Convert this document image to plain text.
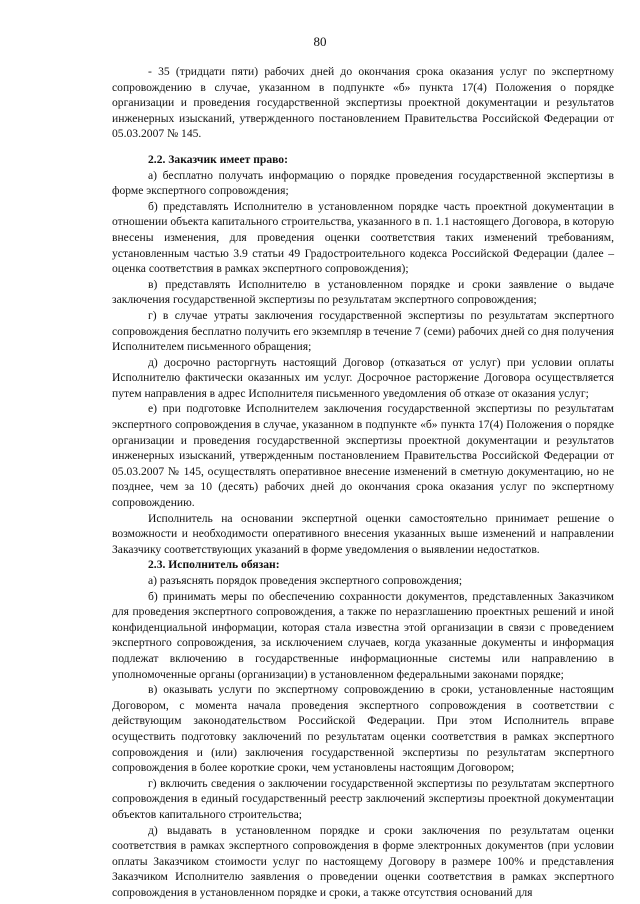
80

- 35 (тридцати пяти) рабочих дней до окончания срока оказания услуг по экспертному сопровождению в случае, указанном в подпункте «б» пункта 17(4) Положения о порядке организации и проведения государственной экспертизы проектной документации и результатов инженерных изысканий, утвержденного постановлением Правительства Российской Федерации от 05.03.2007 № 145.

2.2. Заказчик имеет право:

а) бесплатно получать информацию о порядке проведения государственной экспертизы в форме экспертного сопровождения;

б) представлять Исполнителю в установленном порядке часть проектной документации в отношении объекта капитального строительства, указанного в п. 1.1 настоящего Договора, в которую внесены изменения, для проведения оценки соответствия таких изменений требованиям, установленным частью 3.9 статьи 49 Градостроительного кодекса Российской Федерации (далее – оценка соответствия в рамках экспертного сопровождения);

в) представлять Исполнителю в установленном порядке и сроки заявление о выдаче заключения государственной экспертизы по результатам экспертного сопровождения;

г) в случае утраты заключения государственной экспертизы по результатам экспертного сопровождения бесплатно получить его экземпляр в течение 7 (семи) рабочих дней со дня получения Исполнителем письменного обращения;

д) досрочно расторгнуть настоящий Договор (отказаться от услуг) при условии оплаты Исполнителю фактически оказанных им услуг. Досрочное расторжение Договора осуществляется путем направления в адрес Исполнителя письменного уведомления об отказе от оказания услуг;

е) при подготовке Исполнителем заключения государственной экспертизы по результатам экспертного сопровождения в случае, указанном в подпункте «б» пункта 17(4) Положения о порядке организации и проведения государственной экспертизы проектной документации и результатов инженерных изысканий, утвержденным постановлением Правительства Российской Федерации от 05.03.2007 № 145, осуществлять оперативное внесение изменений в сметную документацию, но не позднее, чем за 10 (десять) рабочих дней до окончания срока оказания услуг по экспертному сопровождению.

Исполнитель на основании экспертной оценки самостоятельно принимает решение о возможности и необходимости оперативного внесения указанных выше изменений и направлении Заказчику соответствующих указаний в форме уведомления о выявлении недостатков.

2.3. Исполнитель обязан:

а) разъяснять порядок проведения экспертного сопровождения;

б) принимать меры по обеспечению сохранности документов, представленных Заказчиком для проведения экспертного сопровождения, а также по неразглашению проектных решений и иной конфиденциальной информации, которая стала известна этой организации в связи с проведением экспертного сопровождения, за исключением случаев, когда указанные документы и информация подлежат включению в государственные информационные системы или направлению в уполномоченные органы (организации) в установленном федеральными законами порядке;

в) оказывать услуги по экспертному сопровождению в сроки, установленные настоящим Договором, с момента начала проведения экспертного сопровождения в соответствии с действующим законодательством Российской Федерации. При этом Исполнитель вправе осуществить подготовку заключений по результатам оценки соответствия в рамках экспертного сопровождения и (или) заключения государственной экспертизы по результатам экспертного сопровождения в более короткие сроки, чем установлены настоящим Договором;

г) включить сведения о заключении государственной экспертизы по результатам экспертного сопровождения в единый государственный реестр заключений экспертизы проектной документации объектов капитального строительства;

д) выдавать в установленном порядке и сроки заключения по результатам оценки соответствия в рамках экспертного сопровождения в форме электронных документов (при условии оплаты Заказчиком стоимости услуг по настоящему Договору в размере 100% и представления Заказчиком Исполнителю заявления о проведении оценки соответствия в рамках экспертного сопровождения в установленном порядке и сроки, а также отсутствия оснований для
